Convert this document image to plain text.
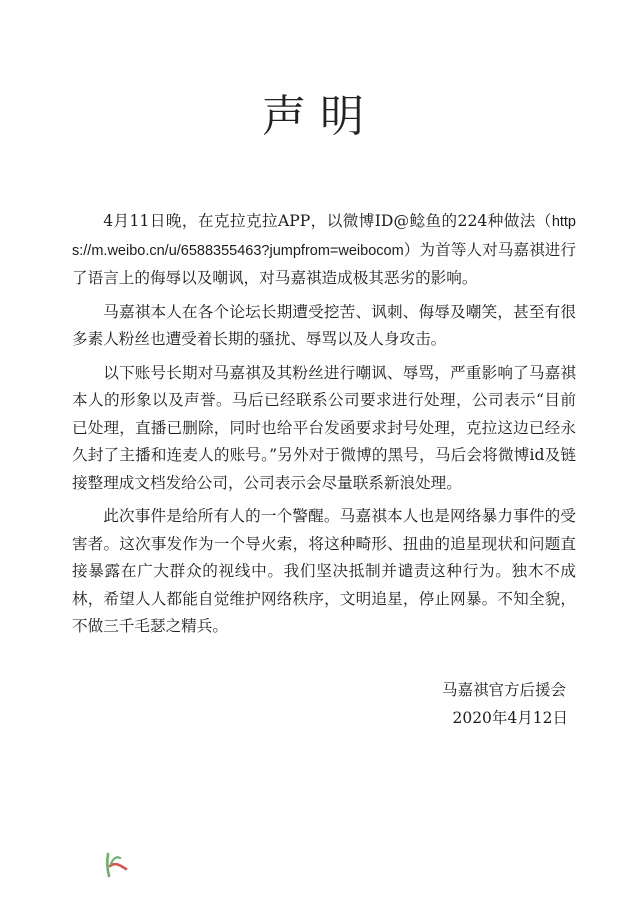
声明

4月11日晚，在克拉克拉APP，以微博ID@鲶鱼的224种做法（https://m.weibo.cn/u/6588355463?jumpfrom=weibocom）为首等人对马嘉祺进行了语言上的侮辱以及嘲讽，对马嘉祺造成极其恶劣的影响。

马嘉祺本人在各个论坛长期遭受挖苦、讽刺、侮辱及嘲笑，甚至有很多素人粉丝也遭受着长期的骚扰、辱骂以及人身攻击。

以下账号长期对马嘉祺及其粉丝进行嘲讽、辱骂，严重影响了马嘉祺本人的形象以及声誉。马后已经联系公司要求进行处理，公司表示“目前已处理，直播已删除，同时也给平台发函要求封号处理，克拉这边已经永久封了主播和连麦人的账号。”另外对于微博的黑号，马后会将微博id及链接整理成文档发给公司，公司表示会尽量联系新浪处理。

此次事件是给所有人的一个警醒。马嘉祺本人也是网络暴力事件的受害者。这次事发作为一个导火索，将这种畸形、扭曲的追星现状和问题直接暴露在广大群众的视线中。我们坚决抵制并谴责这种行为。独木不成林，希望人人都能自觉维护网络秩序，文明追星，停止网暴。不知全貌，不做三千毛瑟之精兵。

马嘉祺官方后援会
2020年4月12日
